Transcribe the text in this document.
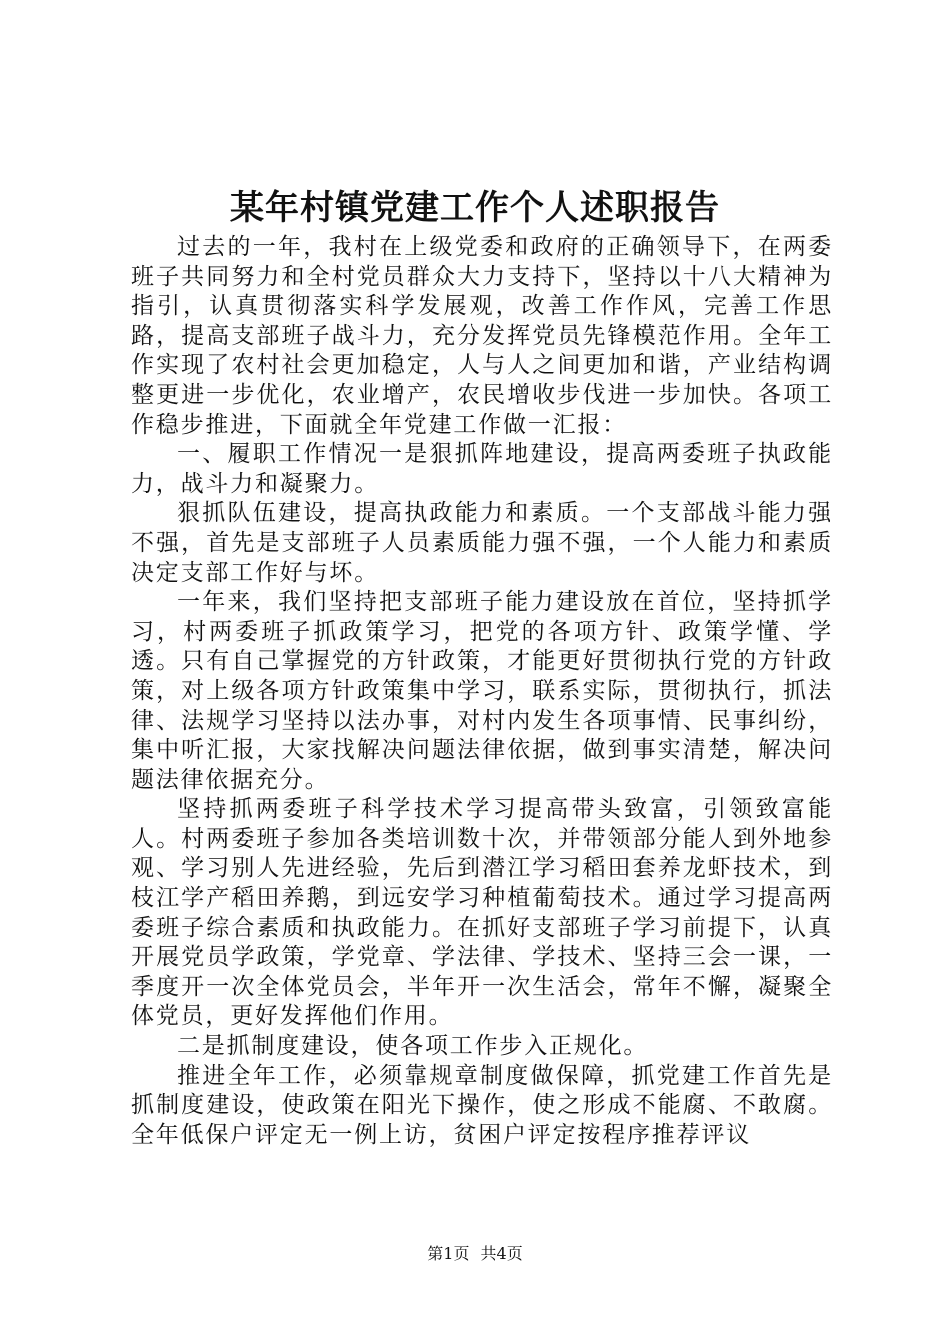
某年村镇党建工作个人述职报告

过去的一年，我村在上级党委和政府的正确领导下，在两委班子共同努力和全村党员群众大力支持下，坚持以十八大精神为指引，认真贯彻落实科学发展观，改善工作作风，完善工作思路，提高支部班子战斗力，充分发挥党员先锋模范作用。全年工作实现了农村社会更加稳定，人与人之间更加和谐，产业结构调整更进一步优化，农业增产，农民增收步伐进一步加快。各项工作稳步推进，下面就全年党建工作做一汇报：

一、履职工作情况一是狠抓阵地建设，提高两委班子执政能力，战斗力和凝聚力。

狠抓队伍建设，提高执政能力和素质。一个支部战斗能力强不强，首先是支部班子人员素质能力强不强，一个人能力和素质决定支部工作好与坏。

一年来，我们坚持把支部班子能力建设放在首位，坚持抓学习，村两委班子抓政策学习，把党的各项方针、政策学懂、学透。只有自己掌握党的方针政策，才能更好贯彻执行党的方针政策，对上级各项方针政策集中学习，联系实际，贯彻执行，抓法律、法规学习坚持以法办事，对村内发生各项事情、民事纠纷，集中听汇报，大家找解决问题法律依据，做到事实清楚，解决问题法律依据充分。

坚持抓两委班子科学技术学习提高带头致富，引领致富能人。村两委班子参加各类培训数十次，并带领部分能人到外地参观、学习别人先进经验，先后到潜江学习稻田套养龙虾技术，到枝江学产稻田养鹅，到远安学习种植葡萄技术。通过学习提高两委班子综合素质和执政能力。在抓好支部班子学习前提下，认真开展党员学政策，学党章、学法律、学技术、坚持三会一课，一季度开一次全体党员会，半年开一次生活会，常年不懈，凝聚全体党员，更好发挥他们作用。

二是抓制度建设，使各项工作步入正规化。

推进全年工作，必须靠规章制度做保障，抓党建工作首先是抓制度建设，使政策在阳光下操作，使之形成不能腐、不敢腐。全年低保户评定无一例上访，贫困户评定按程序推荐评议

第1页 共4页
